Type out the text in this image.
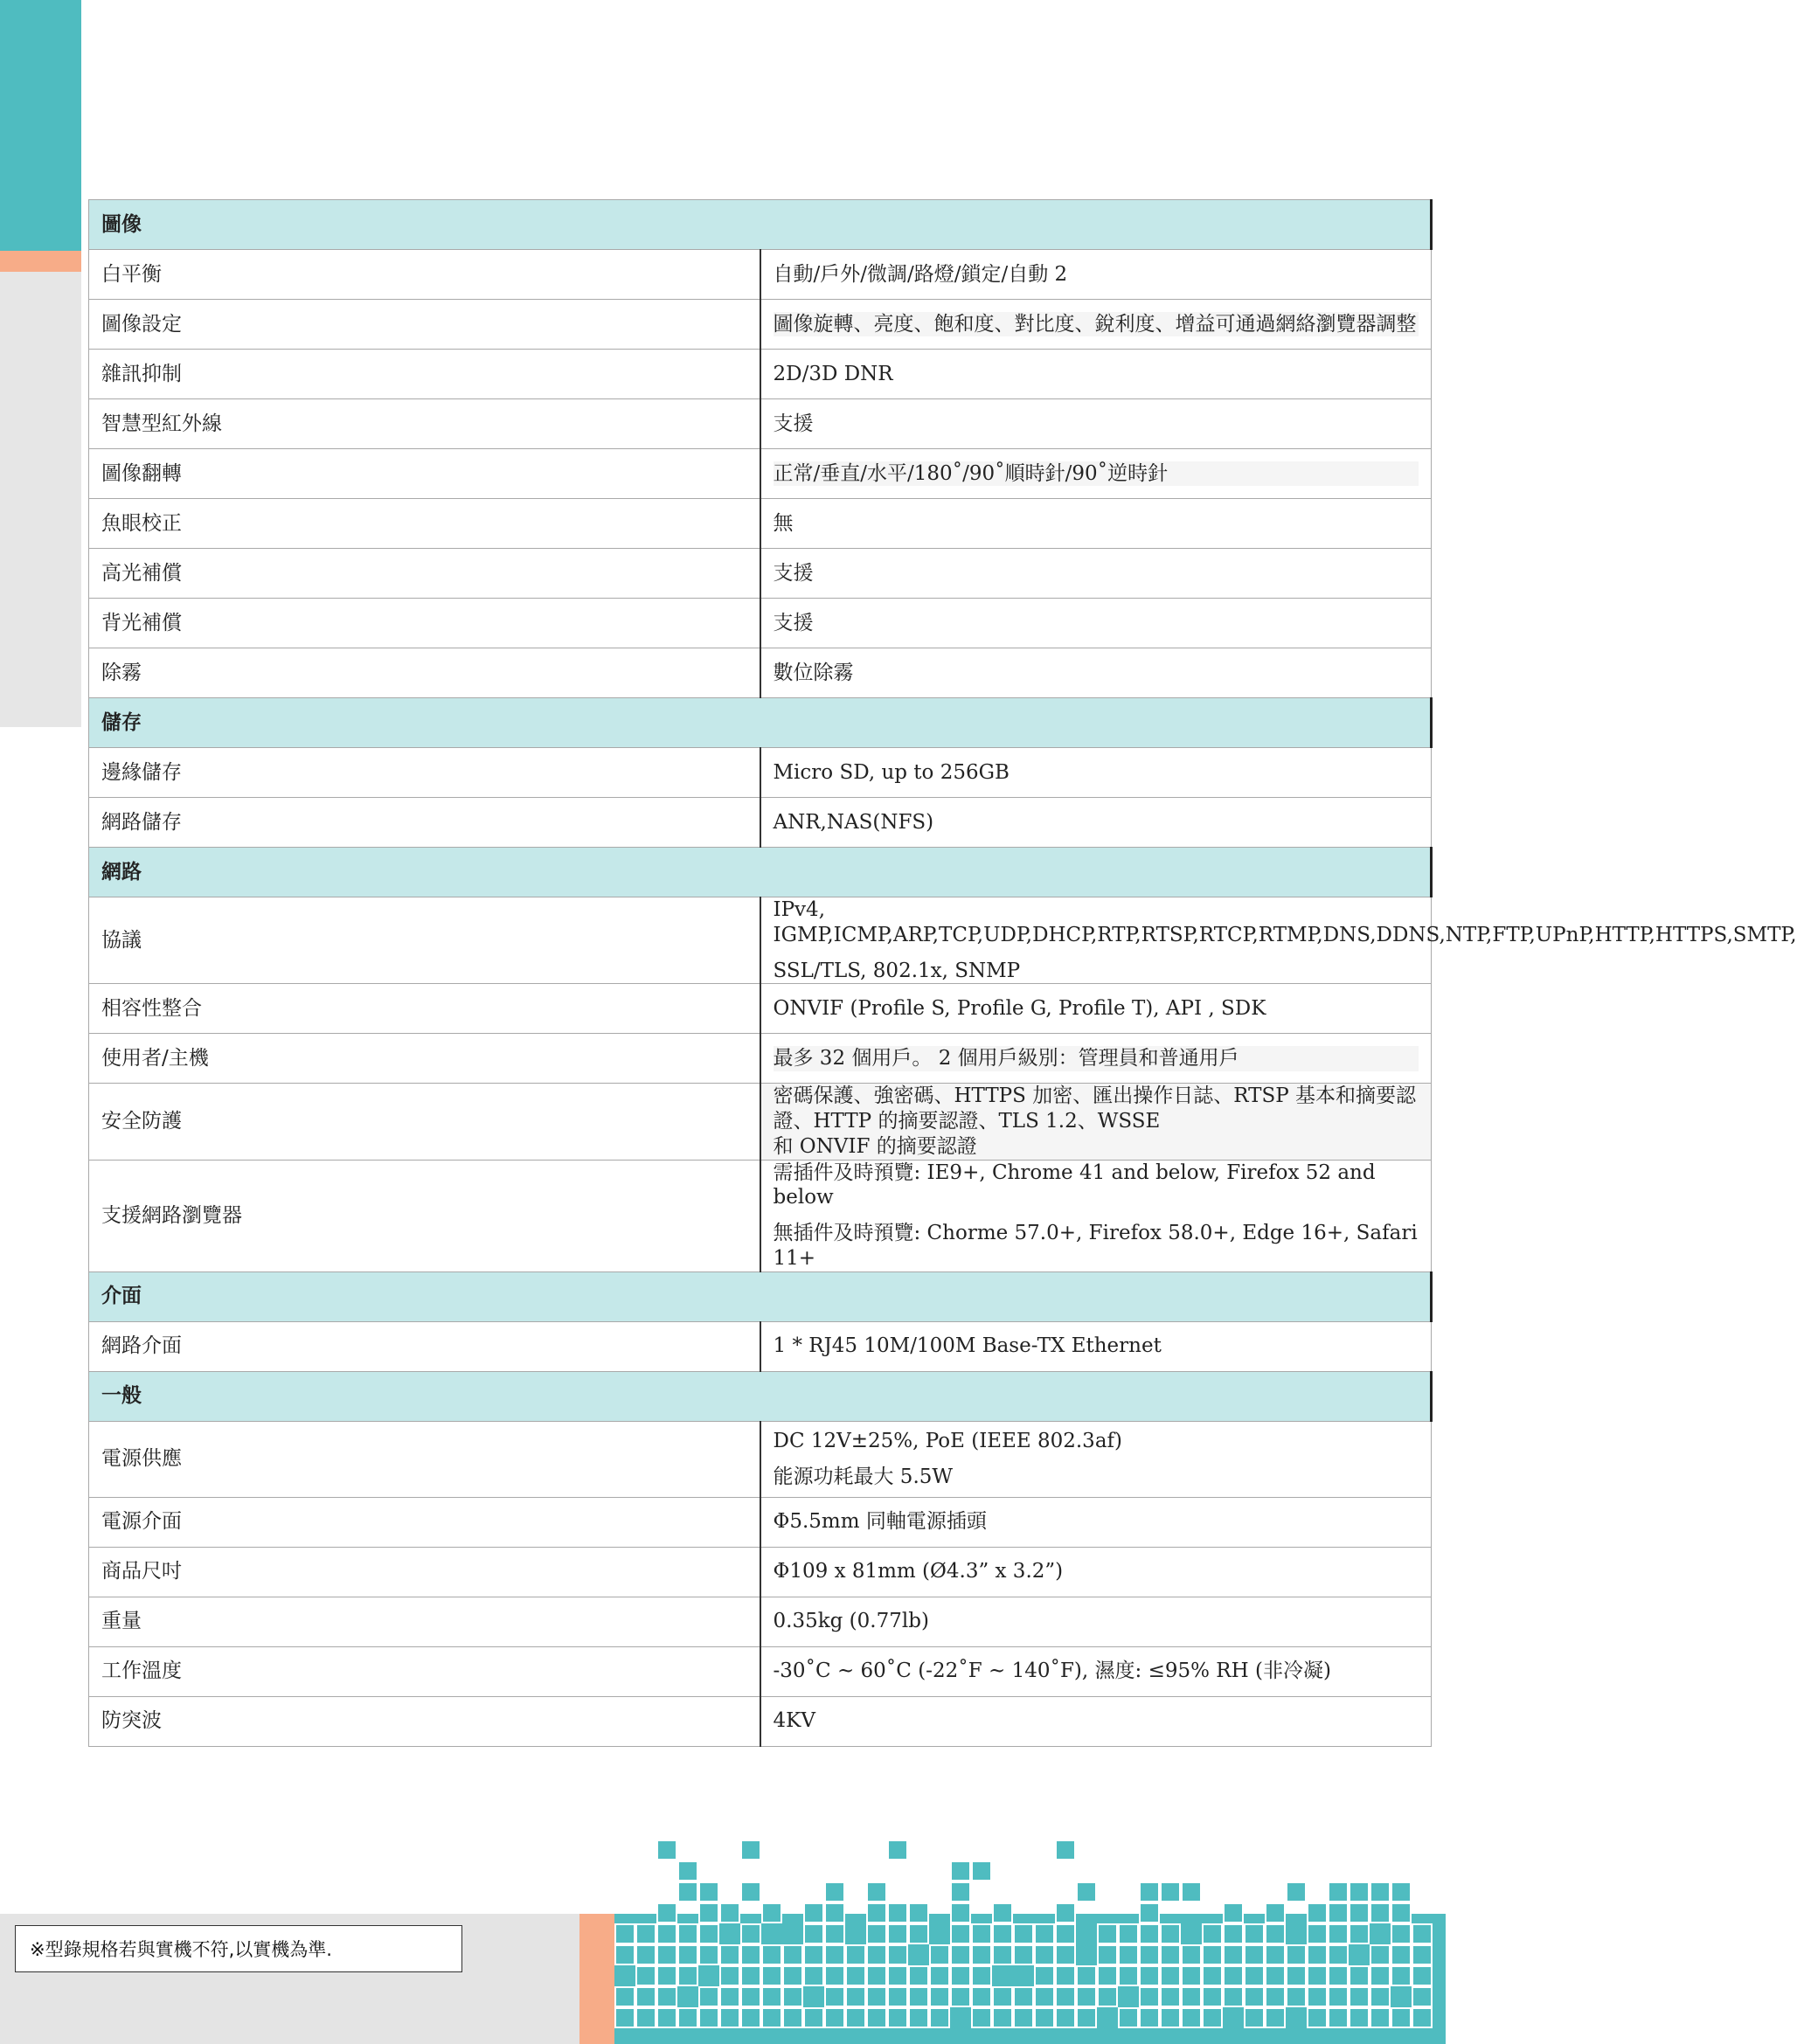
圖像	
白平衡	自動/戶外/微調/路燈/鎖定/自動 2

圖像設定	圖像旋轉、亮度、飽和度、對比度、銳利度、增益可通過網絡瀏覽器調整

雜訊抑制	2D/3D DNR

智慧型紅外線	支援

圖像翻轉	正常/垂直/水平/180˚/90˚順時針/90˚逆時針

魚眼校正	無

高光補償	支援

背光補償	支援

除霧	數位除霧

儲存	
邊緣儲存	Micro SD, up to 256GB

網路儲存	ANR,NAS(NFS)

網路	
協議	IPv4, IGMP,ICMP,ARP,TCP,UDP,DHCP,RTP,RTSP,RTCP,RTMP,DNS,DDNS,NTP,FTP,UPnP,HTTP,HTTPS,SMTP,
SSL/TLS, 802.1x, SNMP

相容性整合	ONVIF (Profile S, Profile G, Profile T), API , SDK

使用者/主機	最多 32 個用戶。 2 個用戶級別：管理員和普通用戶

安全防護	密碼保護、強密碼、HTTPS 加密、匯出操作日誌、RTSP 基本和摘要認證、HTTP 的摘要認證、TLS 1.2、WSSE
和 ONVIF 的摘要認證

支援網路瀏覽器	需插件及時預覽: IE9+, Chrome 41 and below, Firefox 52 and below
無插件及時預覽: Chorme 57.0+, Firefox 58.0+, Edge 16+, Safari 11+

介面	
網路介面	1 * RJ45 10M/100M Base-TX Ethernet

一般	
電源供應	DC 12V±25%, PoE (IEEE 802.3af)
能源功耗最大 5.5W

電源介面	Φ5.5mm 同軸電源插頭

商品尺吋	Φ109 x 81mm (Ø4.3” x 3.2”)

重量	0.35kg (0.77lb)

工作溫度	-30˚C ~ 60˚C (-22˚F ~ 140˚F), 濕度: ≤95% RH (非冷凝)

防突波	4KV
※型錄規格若與實機不符,以實機為準.
